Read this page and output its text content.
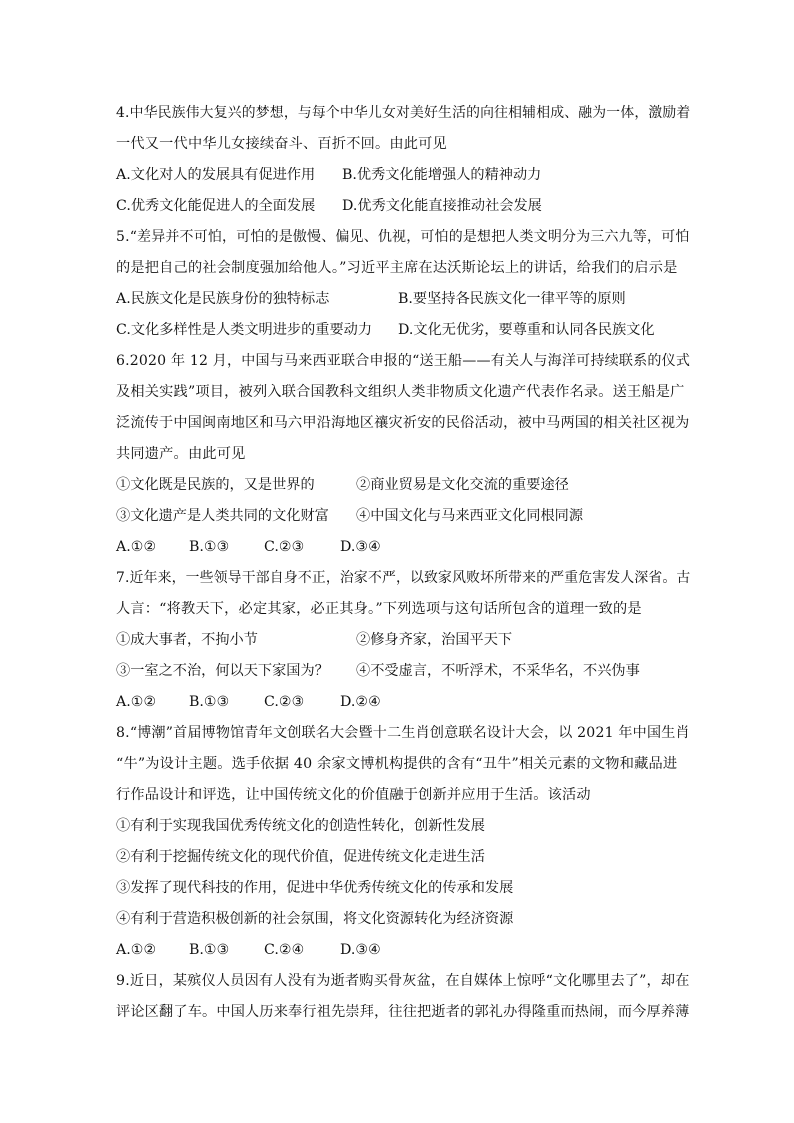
4.中华民族伟大复兴的梦想，与每个中华儿女对美好生活的向往相辅相成、融为一体，激励着
一代又一代中华儿女接续奋斗、百折不回。由此可见
A.文化对人的发展具有促进作用 B.优秀文化能增强人的精神动力
C.优秀文化能促进人的全面发展 D.优秀文化能直接推动社会发展
5.“差异并不可怕，可怕的是傲慢、偏见、仇视，可怕的是想把人类文明分为三六九等，可怕
的是把自己的社会制度强加给他人。”习近平主席在达沃斯论坛上的讲话，给我们的启示是
A.民族文化是民族身份的独特标志	B.要坚持各民族文化一律平等的原则
C.文化多样性是人类文明进步的重要动力 D.文化无优劣，要尊重和认同各民族文化
6.2020 年 12 月，中国与马来西亚联合申报的“送王船——有关人与海洋可持续联系的仪式
及相关实践”项目，被列入联合国教科文组织人类非物质文化遗产代表作名录。送王船是广
泛流传于中国闽南地区和马六甲沿海地区禳灾祈安的民俗活动，被中马两国的相关社区视为
共同遗产。由此可见
①文化既是民族的，又是世界的	②商业贸易是文化交流的重要途径
③文化遗产是人类共同的文化财富 ④中国文化与马来西亚文化同根同源
A.①② B.①③ C.②③	D.③④
7.近年来，一些领导干部自身不正，治家不严，以致家风败坏所带来的严重危害发人深省。古
人言：“将教天下，必定其家，必正其身。”下列选项与这句话所包含的道理一致的是
①成大事者，不拘小节	②修身齐家，治国平天下
③一室之不治，何以天下家国为？ ④不受虚言，不听浮术，不采华名，不兴伪事
A.①② B.①③ C.②③	D.②④
8.“博潮”首届博物馆青年文创联名大会暨十二生肖创意联名设计大会，以 2021 年中国生肖
“牛”为设计主题。选手依据 40 余家文博机构提供的含有“丑牛”相关元素的文物和藏品进
行作品设计和评选，让中国传统文化的价值融于创新并应用于生活。该活动
①有利于实现我国优秀传统文化的创造性转化，创新性发展
②有利于挖掘传统文化的现代价值，促进传统文化走进生活
③发挥了现代科技的作用，促进中华优秀传统文化的传承和发展
④有利于营造积极创新的社会氛围，将文化资源转化为经济资源
A.①② B.①③ C.②④	D.③④
9.近日，某殡仪人员因有人没有为逝者购买骨灰盆，在自媒体上惊呼“文化哪里去了”，却在
评论区翻了车。中国人历来奉行祖先崇拜，往往把逝者的郭礼办得隆重而热闹，而今厚养薄
